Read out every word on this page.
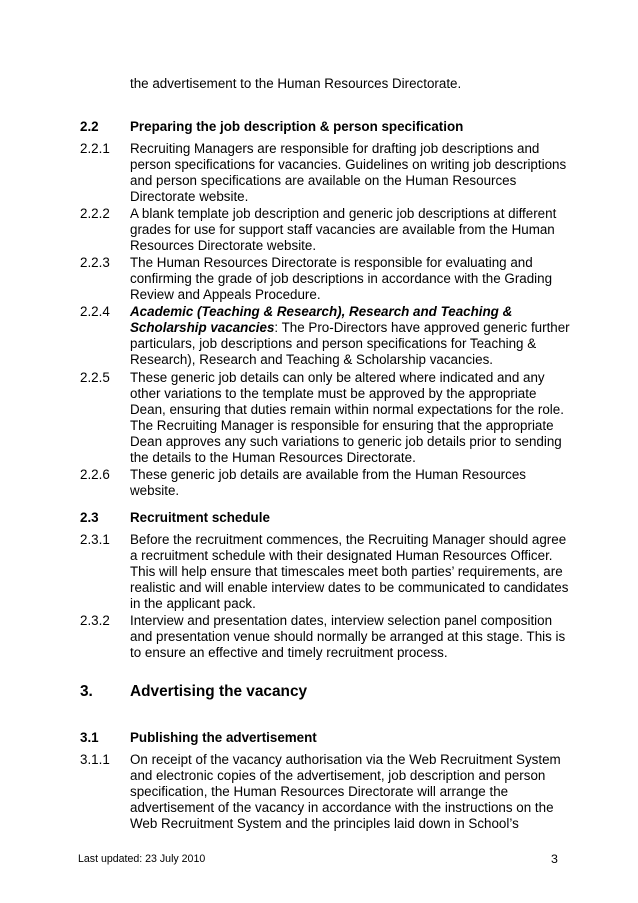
the advertisement to the Human Resources Directorate.
2.2	Preparing the job description & person specification
2.2.1	Recruiting Managers are responsible for drafting job descriptions and person specifications for vacancies. Guidelines on writing job descriptions and person specifications are available on the Human Resources Directorate website.
2.2.2	A blank template job description and generic job descriptions at different grades for use for support staff vacancies are available from the Human Resources Directorate website.
2.2.3	The Human Resources Directorate is responsible for evaluating and confirming the grade of job descriptions in accordance with the Grading Review and Appeals Procedure.
2.2.4	Academic (Teaching & Research), Research and Teaching & Scholarship vacancies: The Pro-Directors have approved generic further particulars, job descriptions and person specifications for Teaching & Research), Research and Teaching & Scholarship vacancies.
2.2.5	These generic job details can only be altered where indicated and any other variations to the template must be approved by the appropriate Dean, ensuring that duties remain within normal expectations for the role. The Recruiting Manager is responsible for ensuring that the appropriate Dean approves any such variations to generic job details prior to sending the details to the Human Resources Directorate.
2.2.6	These generic job details are available from the Human Resources website.
2.3	Recruitment schedule
2.3.1	Before the recruitment commences, the Recruiting Manager should agree a recruitment schedule with their designated Human Resources Officer. This will help ensure that timescales meet both parties’ requirements, are realistic and will enable interview dates to be communicated to candidates in the applicant pack.
2.3.2	Interview and presentation dates, interview selection panel composition and presentation venue should normally be arranged at this stage. This is to ensure an effective and timely recruitment process.
3.	Advertising the vacancy
3.1	Publishing the advertisement
3.1.1	On receipt of the vacancy authorisation via the Web Recruitment System and electronic copies of the advertisement, job description and person specification, the Human Resources Directorate will arrange the advertisement of the vacancy in accordance with the instructions on the Web Recruitment System and the principles laid down in School’s
Last updated: 23 July 2010	3
